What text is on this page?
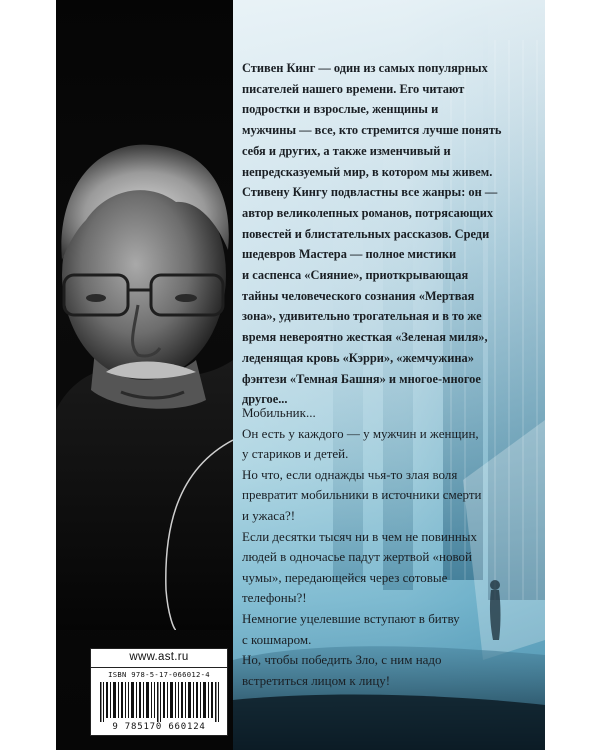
www.ast.ru
ISBN 978-5-17-066012-4
9 785170 660124
Стивен Кинг — один из самых популярных
писателей нашего времени. Его читают
подростки и взрослые, женщины и
мужчины — все, кто стремится лучше понять
себя и других, а также изменчивый и
непредсказуемый мир, в котором мы живем.
Стивену Кингу подвластны все жанры: он —
автор великолепных романов, потрясающих
повестей и блистательных рассказов. Среди
шедевров Мастера — полное мистики
и саспенса «Сияние», приоткрывающая
тайны человеческого сознания «Мертвая
зона», удивительно трогательная и в то же
время невероятно жесткая «Зеленая миля»,
леденящая кровь «Кэрри», «жемчужина»
фэнтези «Темная Башня» и многое-многое
другое...
Мобильник...
Он есть у каждого — у мужчин и женщин,
у стариков и детей.
Но что, если однажды чья-то злая воля
превратит мобильники в источники смерти
и ужаса?!
Если десятки тысяч ни в чем не повинных
людей в одночасье падут жертвой «новой
чумы», передающейся через сотовые
телефоны?!
Немногие уцелевшие вступают в битву
с кошмаром.
Но, чтобы победить Зло, с ним надо
встретиться лицом к лицу!
